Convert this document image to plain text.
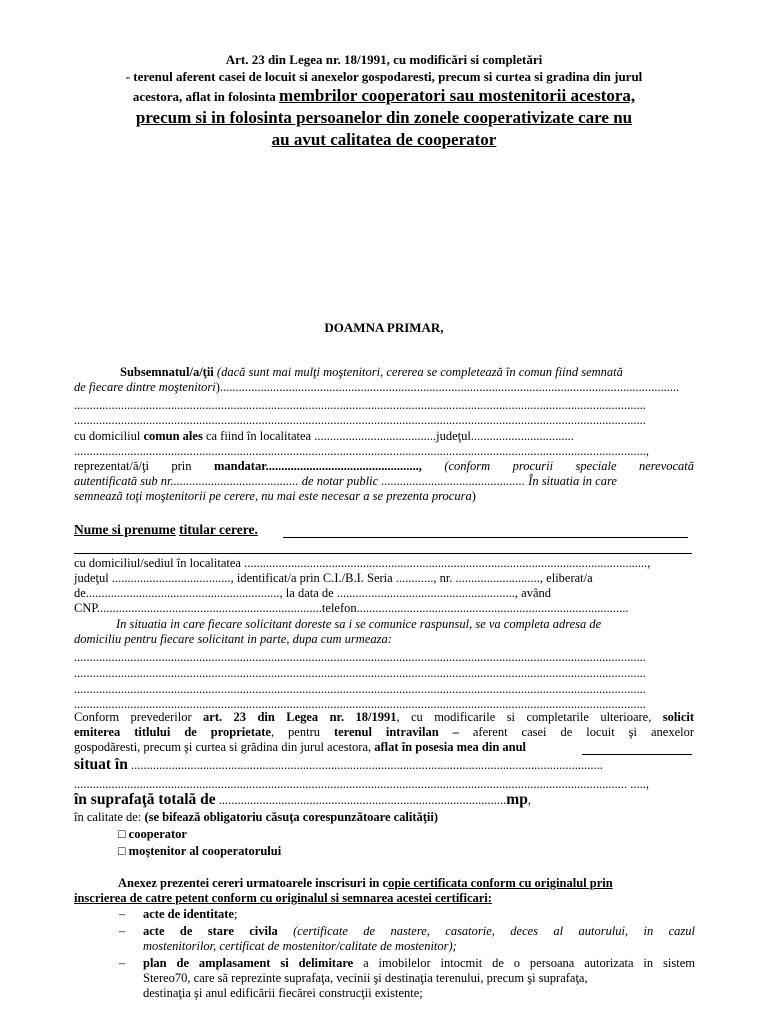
Art. 23 din Legea nr. 18/1991, cu modificări si completări
- terenul aferent casei de locuit si anexelor gospodaresti, precum si curtea si gradina din jurul
acestora, aflat in folosinta membrilor cooperatori sau mostenitorii acestora,
precum si in folosinta persoanelor din zonele cooperativizate care nu
au avut calitatea de cooperator
DOAMNA PRIMAR,
Subsemnatul/a/ţii (dacă sunt mai mulţi moştenitori, cererea se completează în comun fiind semnată
de fiecare dintre moştenitori)...................................................................................................................................................
.......................................................................................................................................................................................
.......................................................................................................................................................................................
cu domiciliul comun ales ca fiind în localitatea .......................................judeţul.................................
.......................................................................................................................................................................................,
reprezentat/ă/ţi prin mandatar................................................., (conform procurii speciale nerevocată
autentificată sub nr......................................... de notar public .............................................. În situatia in care
semnează toţi moştenitorii pe cerere, nu mai este necesar a se prezenta procura)
Nume si prenume titular cerere.
cu domiciliul/sediul în localitatea .................................................................................................................................,
judeţul ......................................, identificat/a prin C.I./B.I. Seria ............, nr. ..........................., eliberat/a
de.............................................................., la data de ........................................................., având
CNP........................................................................telefon.......................................................................................
In situatia in care fiecare solicitant doreste sa i se comunice raspunsul, se va completa adresa de
domiciliu pentru fiecare solicitant in parte, dupa cum urmeaza:
.......................................................................................................................................................................................
.......................................................................................................................................................................................
.......................................................................................................................................................................................
.......................................................................................................................................................................................
Conform prevederilor art. 23 din Legea nr. 18/1991, cu modificarile si completarile ulterioare, solicit
emiterea titlului de proprietate, pentru terenul intravilan – aferent casei de locuit şi anexelor
gospodăresti, precum şi curtea si grădina din jurul acestora, aflat în posesia mea din anul
situat în .......................................................................................................................................................
................................................................................................................................................................................. .....,
în suprafaţă totală de ............................................................................................mp,
în calitate de: (se bifează obligatoriu căsuţa corespunzătoare calităţii)
□ cooperator
□ moştenitor al cooperatorului
Anexez prezentei cereri urmatoarele inscrisuri in copie certificata conform cu originalul prin
inscrierea de catre petent conform cu originalul si semnarea acestei certificari:
– acte de identitate;
– acte de stare civila (certificate de nastere, casatorie, deces al autorului, in cazul
mostenitorilor, certificat de mostenitor/calitate de mostenitor);
– plan de amplasament si delimitare a imobilelor intocmit de o persoana autorizata in sistem
Stereo70, care să reprezinte suprafaţa, vecinii şi destinaţia terenului, precum şi suprafaţa,
destinaţia şi anul edificării fiecărei construcţii existente;
